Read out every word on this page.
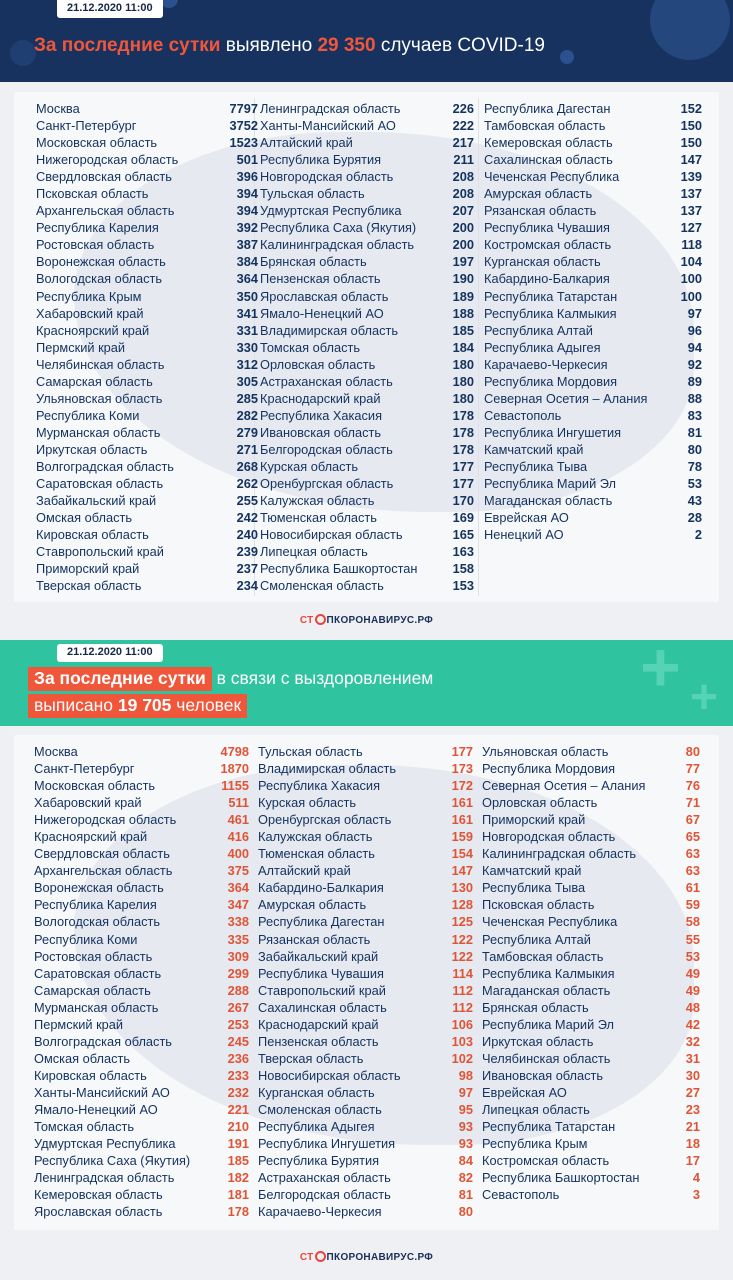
21.12.2020 11:00
За последние сутки выявлено 29 350 случаев COVID-19
Москва	7797
Санкт-Петербург	3752
Московская область	1523
Нижегородская область	501
Свердловская область	396
Псковская область	394
Архангельская область	394
Республика Карелия	392
Ростовская область	387
Воронежская область	384
Вологодская область	364
Республика Крым	350
Хабаровский край	341
Красноярский край	331
Пермский край	330
Челябинская область	312
Самарская область	305
Ульяновская область	285
Республика Коми	282
Мурманская область	279
Иркутская область	271
Волгоградская область	268
Саратовская область	262
Забайкальский край	255
Омская область	242
Кировская область	240
Ставропольский край	239
Приморский край	237
Тверская область	234
Ленинградская область	226
Ханты-Мансийский АО	222
Алтайский край	217
Республика Бурятия	211
Новгородская область	208
Тульская область	208
Удмуртская Республика	207
Республика Саха (Якутия)	200
Калининградская область	200
Брянская область	197
Пензенская область	190
Ярославская область	189
Ямало-Ненецкий АО	188
Владимирская область	185
Томская область	184
Орловская область	180
Астраханская область	180
Краснодарский край	180
Республика Хакасия	178
Ивановская область	178
Белгородская область	178
Курская область	177
Оренбургская область	177
Калужская область	170
Тюменская область	169
Новосибирская область	165
Липецкая область	163
Республика Башкортостан	158
Смоленская область	153
Республика Дагестан	152
Тамбовская область	150
Кемеровская область	150
Сахалинская область	147
Чеченская Республика	139
Амурская область	137
Рязанская область	137
Республика Чувашия	127
Костромская область	118
Курганская область	104
Кабардино-Балкария	100
Республика Татарстан	100
Республика Калмыкия	97
Республика Алтай	96
Республика Адыгея	94
Карачаево-Черкесия	92
Республика Мордовия	89
Северная Осетия – Алания	88
Севастополь	83
Республика Ингушетия	81
Камчатский край	80
Республика Тыва	78
Республика Марий Эл	53
Магаданская область	43
Еврейская АО	28
Ненецкий АО	2
СТ ПКОРОНАВИРУС.РФ
+ +
21.12.2020 11:00
За последние сутки в связи с выздоровлением
выписано 19 705 человек
Москва	4798
Санкт-Петербург	1870
Московская область	1155
Хабаровский край	511
Нижегородская область	461
Красноярский край	416
Свердловская область	400
Архангельская область	375
Воронежская область	364
Республика Карелия	347
Вологодская область	338
Республика Коми	335
Ростовская область	309
Саратовская область	299
Самарская область	288
Мурманская область	267
Пермский край	253
Волгоградская область	245
Омская область	236
Кировская область	233
Ханты-Мансийский АО	232
Ямало-Ненецкий АО	221
Томская область	210
Удмуртская Республика	191
Республика Саха (Якутия)	185
Ленинградская область	182
Кемеровская область	181
Ярославская область	178
Тульская область	177
Владимирская область	173
Республика Хакасия	172
Курская область	161
Оренбургская область	161
Калужская область	159
Тюменская область	154
Алтайский край	147
Кабардино-Балкария	130
Амурская область	128
Республика Дагестан	125
Рязанская область	122
Забайкальский край	122
Республика Чувашия	114
Ставропольский край	112
Сахалинская область	112
Краснодарский край	106
Пензенская область	103
Тверская область	102
Новосибирская область	98
Курганская область	97
Смоленская область	95
Республика Адыгея	93
Республика Ингушетия	93
Республика Бурятия	84
Астраханская область	82
Белгородская область	81
Карачаево-Черкесия	80
Ульяновская область	80
Республика Мордовия	77
Северная Осетия – Алания	76
Орловская область	71
Приморский край	67
Новгородская область	65
Калининградская область	63
Камчатский край	63
Республика Тыва	61
Псковская область	59
Чеченская Республика	58
Республика Алтай	55
Тамбовская область	53
Республика Калмыкия	49
Магаданская область	49
Брянская область	48
Республика Марий Эл	42
Иркутская область	32
Челябинская область	31
Ивановская область	30
Еврейская АО	27
Липецкая область	23
Республика Татарстан	21
Республика Крым	18
Костромская область	17
Республика Башкортостан	4
Севастополь	3
СТ ПКОРОНАВИРУС.РФ
